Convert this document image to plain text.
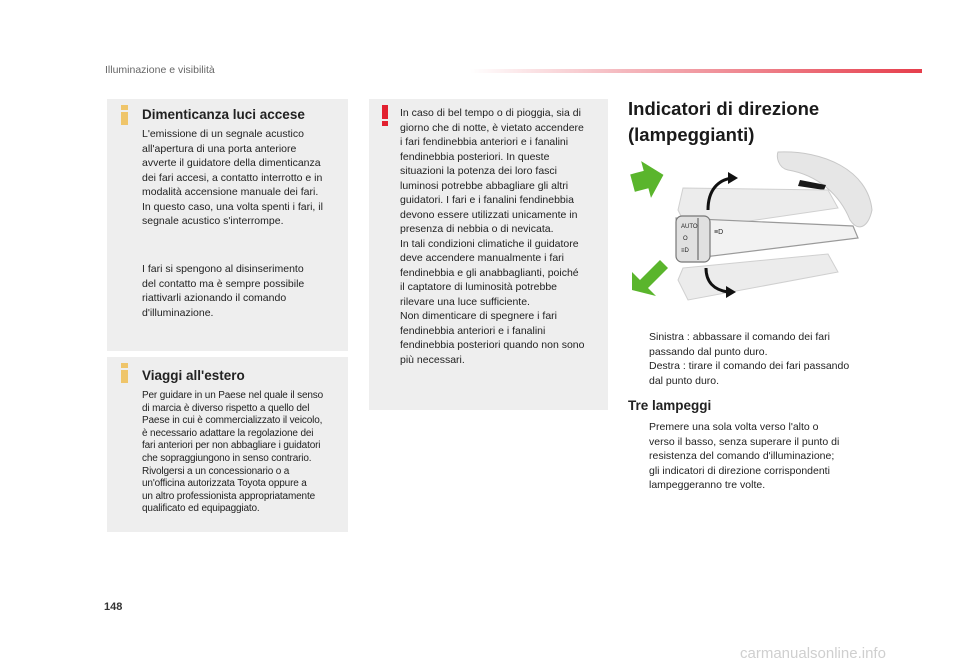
Illuminazione e visibilità
Dimenticanza luci accese
L'emissione di un segnale acustico
all'apertura di una porta anteriore
avverte il guidatore della dimenticanza
dei fari accesi, a contatto interrotto e in
modalità accensione manuale dei fari.
In questo caso, una volta spenti i fari, il
segnale acustico s'interrompe.
I fari si spengono al disinserimento
del contatto ma è sempre possibile
riattivarli azionando il comando
d'illuminazione.
Viaggi all'estero
Per guidare in un Paese nel quale il senso
di marcia è diverso rispetto a quello del
Paese in cui è commercializzato il veicolo,
è necessario adattare la regolazione dei
fari anteriori per non abbagliare i guidatori
che sopraggiungono in senso contrario.
Rivolgersi a un concessionario o a
un'officina autorizzata Toyota oppure a
un altro professionista appropriatamente
qualificato ed equipaggiato.
In caso di bel tempo o di pioggia, sia di
giorno che di notte, è vietato accendere
i fari fendinebbia anteriori e i fanalini
fendinebbia posteriori. In queste
situazioni la potenza dei loro fasci
luminosi potrebbe abbagliare gli altri
guidatori. I fari e i fanalini fendinebbia
devono essere utilizzati unicamente in
presenza di nebbia o di nevicata.
In tali condizioni climatiche il guidatore
deve accendere manualmente i fari
fendinebbia e gli anabbaglianti, poiché
il captatore di luminosità potrebbe
rilevare una luce sufficiente.
Non dimenticare di spegnere i fari
fendinebbia anteriori e i fanalini
fendinebbia posteriori quando non sono
più necessari.
Indicatori di direzione
(lampeggianti)
AUTO
O
≡D
≡D
Sinistra : abbassare il comando dei fari
passando dal punto duro.
Destra : tirare il comando dei fari passando
dal punto duro.
Tre lampeggi
Premere una sola volta verso l'alto o
verso il basso, senza superare il punto di
resistenza del comando d'illuminazione;
gli indicatori di direzione corrispondenti
lampeggeranno tre volte.
148
carmanualsonline.info
